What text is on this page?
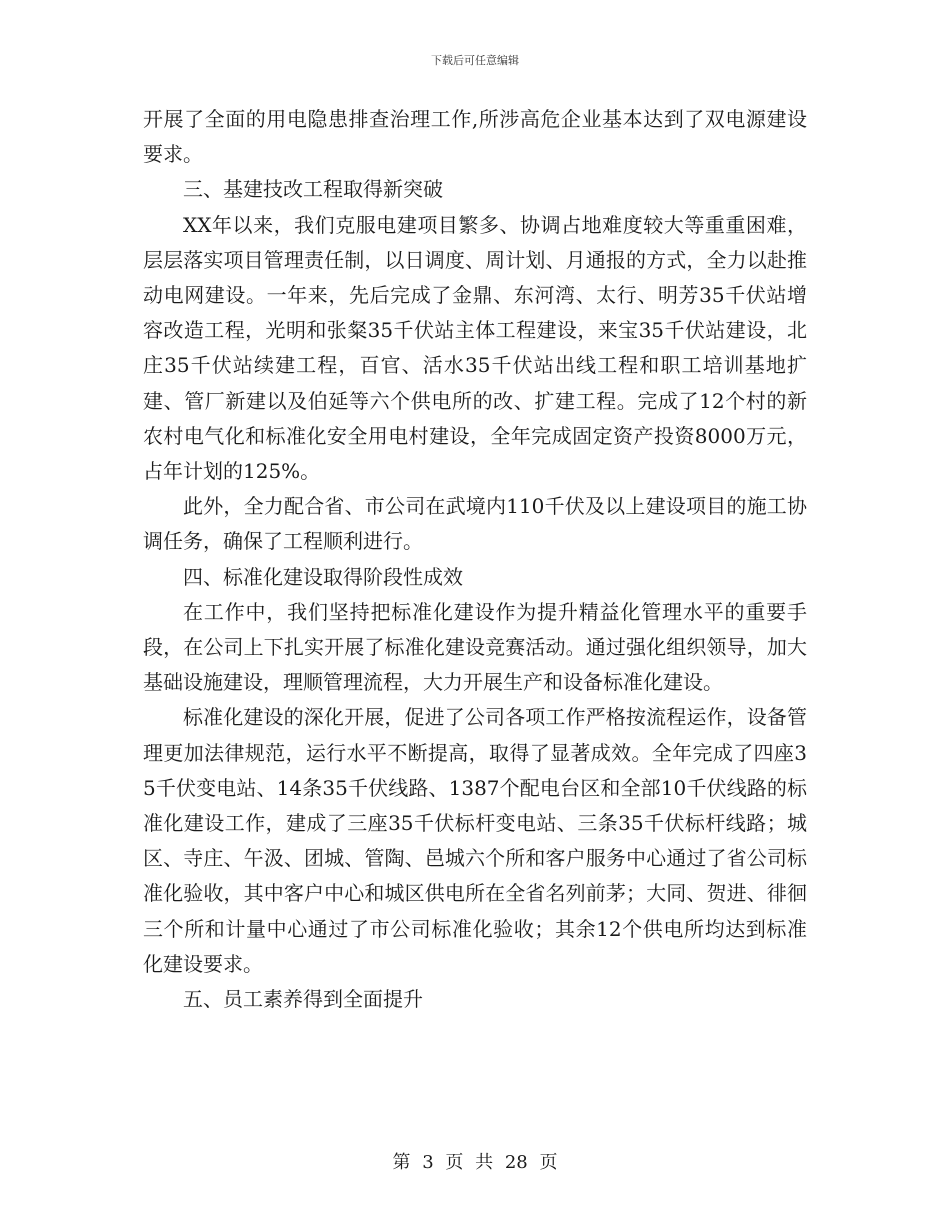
下载后可任意编辑

开展了全面的用电隐患排查治理工作,所涉高危企业基本达到了双电源建设要求。

三、基建技改工程取得新突破

XX年以来，我们克服电建项目繁多、协调占地难度较大等重重困难，层层落实项目管理责任制，以日调度、周计划、月通报的方式，全力以赴推动电网建设。一年来，先后完成了金鼎、东河湾、太行、明芳35千伏站增容改造工程，光明和张粲35千伏站主体工程建设，来宝35千伏站建设，北庄35千伏站续建工程，百官、活水35千伏站出线工程和职工培训基地扩建、管厂新建以及伯延等六个供电所的改、扩建工程。完成了12个村的新农村电气化和标准化安全用电村建设，全年完成固定资产投资8000万元，占年计划的125%。

此外，全力配合省、市公司在武境内110千伏及以上建设项目的施工协调任务，确保了工程顺利进行。

四、标准化建设取得阶段性成效

在工作中，我们坚持把标准化建设作为提升精益化管理水平的重要手段，在公司上下扎实开展了标准化建设竞赛活动。通过强化组织领导，加大基础设施建设，理顺管理流程，大力开展生产和设备标准化建设。

标准化建设的深化开展，促进了公司各项工作严格按流程运作，设备管理更加法律规范，运行水平不断提高，取得了显著成效。全年完成了四座35千伏变电站、14条35千伏线路、1387个配电台区和全部10千伏线路的标准化建设工作，建成了三座35千伏标杆变电站、三条35千伏标杆线路；城区、寺庄、午汲、团城、管陶、邑城六个所和客户服务中心通过了省公司标准化验收，其中客户中心和城区供电所在全省名列前茅；大同、贺进、徘徊三个所和计量中心通过了市公司标准化验收；其余12个供电所均达到标准化建设要求。

五、员工素养得到全面提升

第 3 页 共 28 页
